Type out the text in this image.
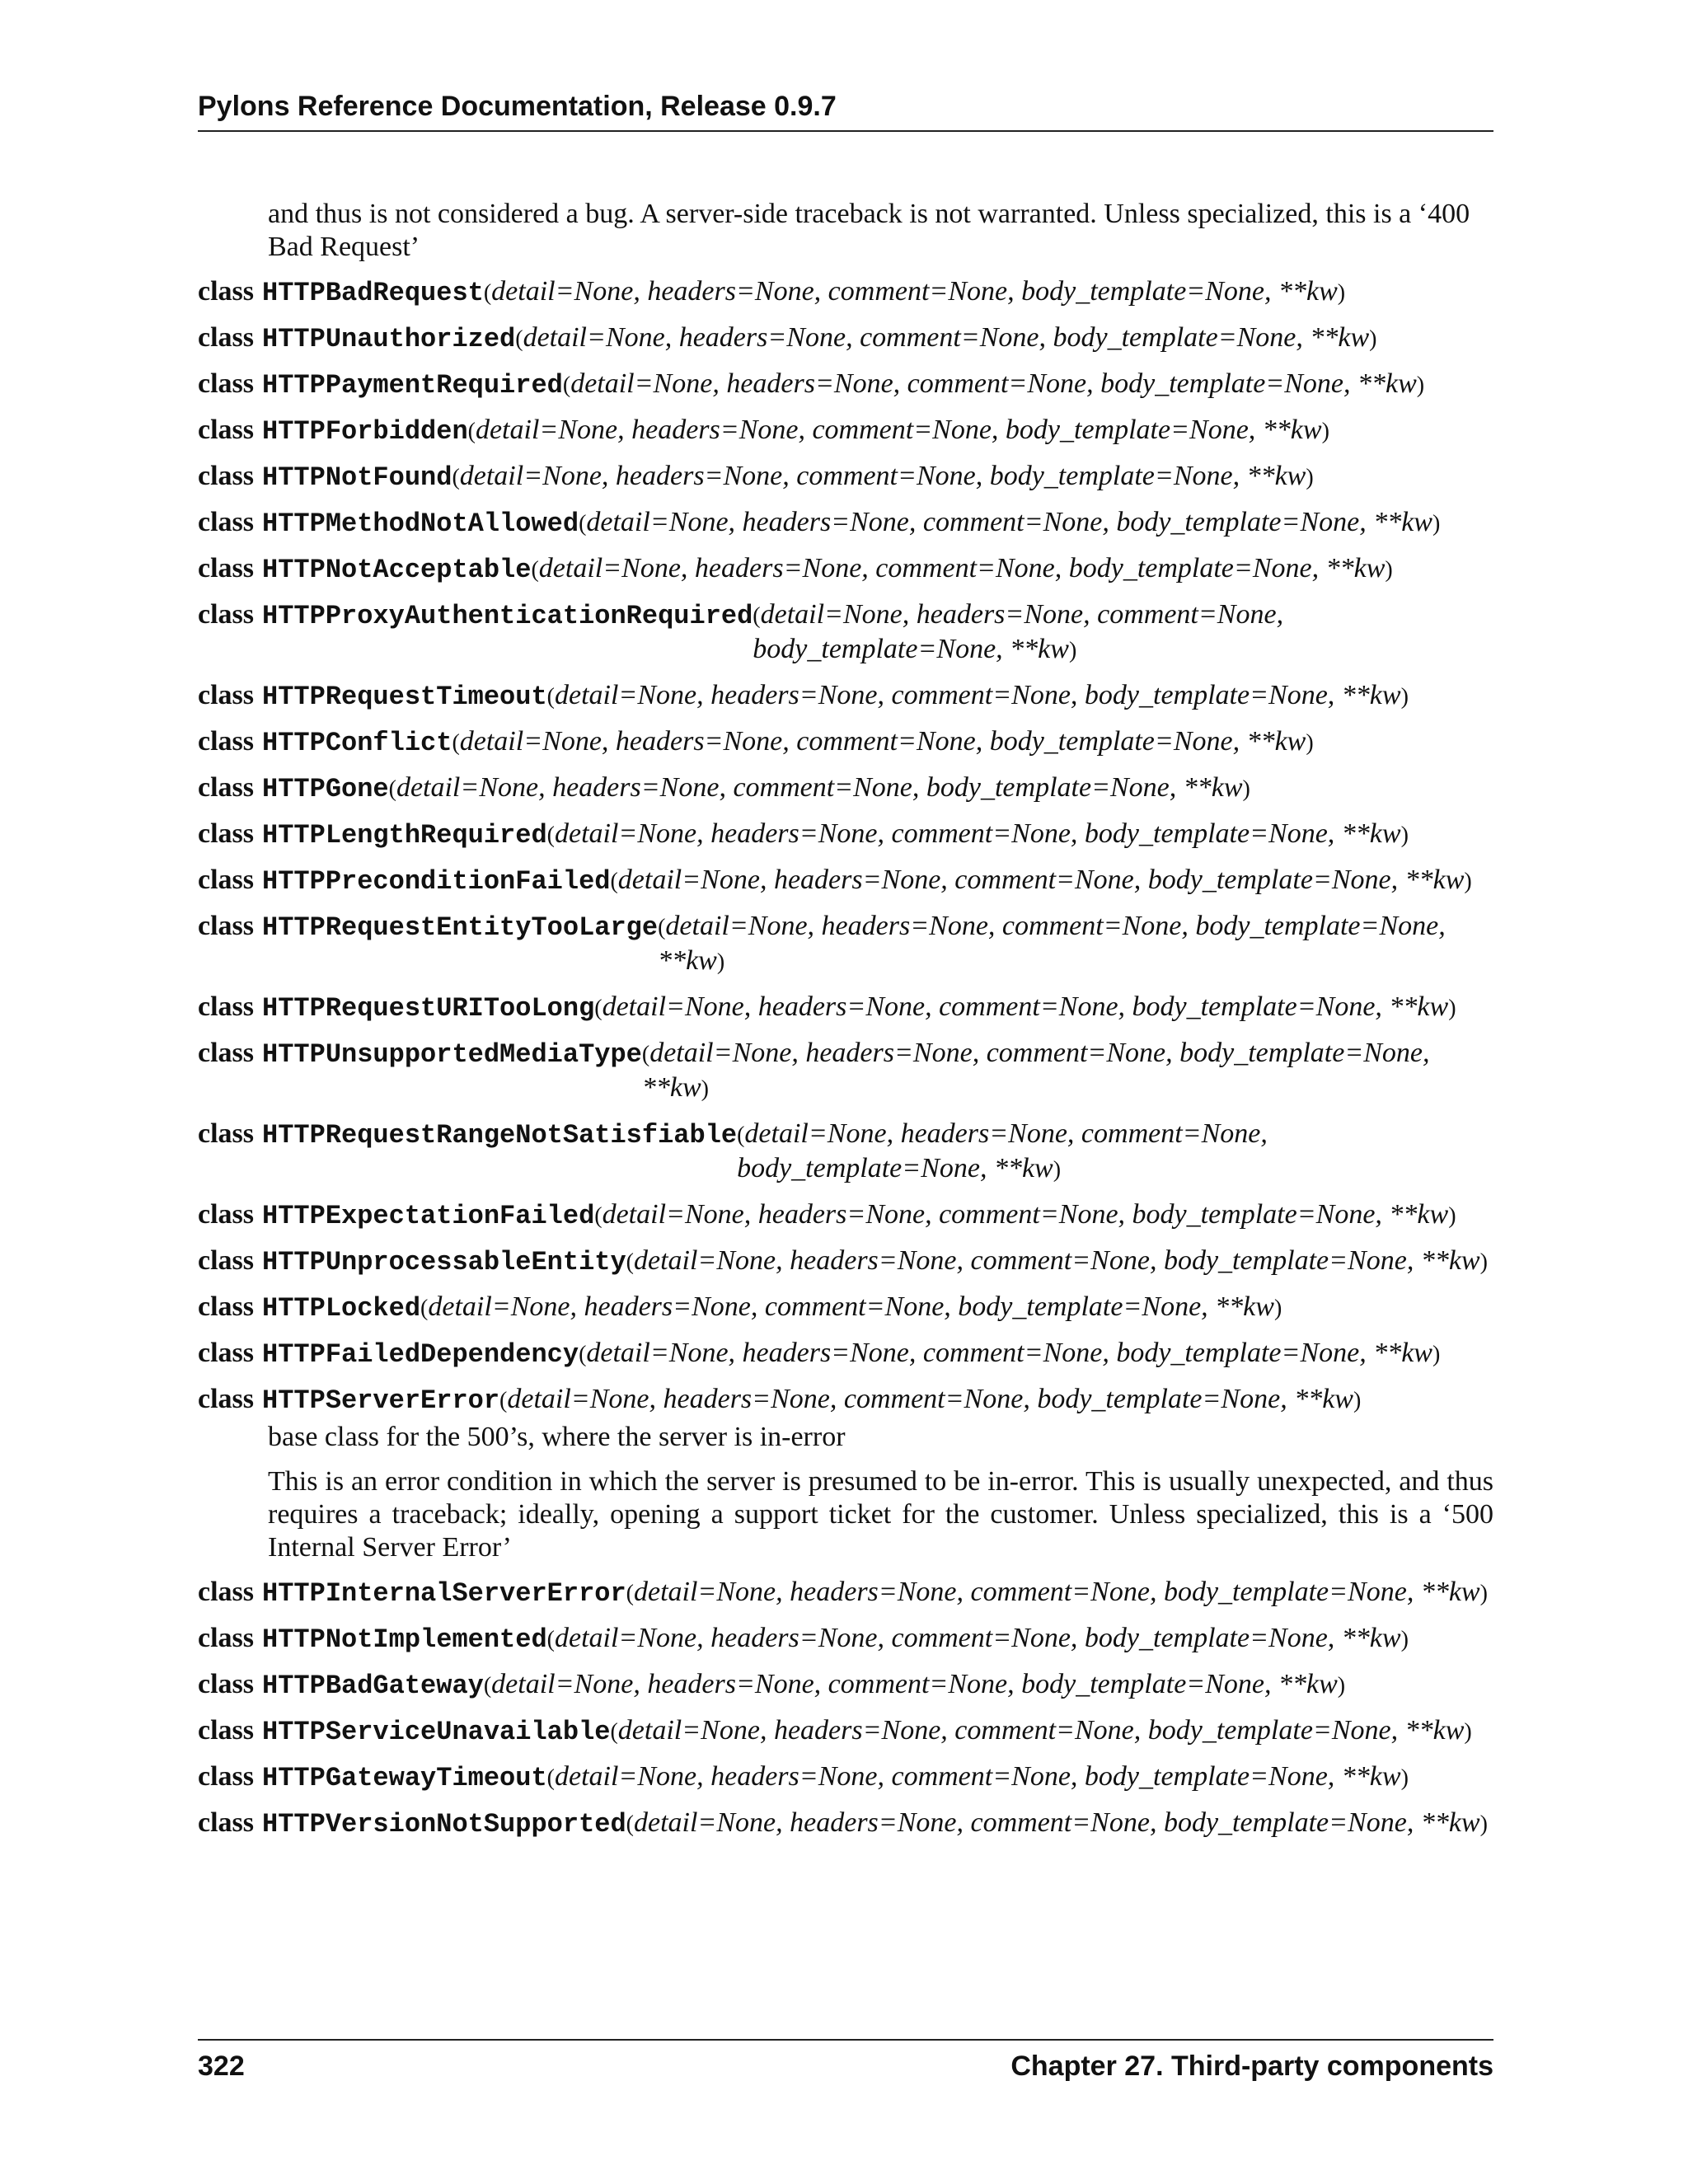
Pylons Reference Documentation, Release 0.9.7
and thus is not considered a bug. A server-side traceback is not warranted. Unless specialized, this is a ‘400 Bad Request’
class HTTPBadRequest (detail=None, headers=None, comment=None, body_template=None, **kw)
class HTTPUnauthorized (detail=None, headers=None, comment=None, body_template=None, **kw)
class HTTPPaymentRequired (detail=None, headers=None, comment=None, body_template=None, **kw)
class HTTPForbidden (detail=None, headers=None, comment=None, body_template=None, **kw)
class HTTPNotFound (detail=None, headers=None, comment=None, body_template=None, **kw)
class HTTPMethodNotAllowed (detail=None, headers=None, comment=None, body_template=None, **kw)
class HTTPNotAcceptable (detail=None, headers=None, comment=None, body_template=None, **kw)
class HTTPProxyAuthenticationRequired (detail=None, headers=None, comment=None, body_template=None, **kw)
class HTTPRequestTimeout (detail=None, headers=None, comment=None, body_template=None, **kw)
class HTTPConflict (detail=None, headers=None, comment=None, body_template=None, **kw)
class HTTPGone (detail=None, headers=None, comment=None, body_template=None, **kw)
class HTTPLengthRequired (detail=None, headers=None, comment=None, body_template=None, **kw)
class HTTPPreconditionFailed (detail=None, headers=None, comment=None, body_template=None, **kw)
class HTTPRequestEntityTooLarge (detail=None, headers=None, comment=None, body_template=None, **kw)
class HTTPRequestURITooLong (detail=None, headers=None, comment=None, body_template=None, **kw)
class HTTPUnsupportedMediaType (detail=None, headers=None, comment=None, body_template=None, **kw)
class HTTPRequestRangeNotSatisfiable (detail=None, headers=None, comment=None, body_template=None, **kw)
class HTTPExpectationFailed (detail=None, headers=None, comment=None, body_template=None, **kw)
class HTTPUnprocessableEntity (detail=None, headers=None, comment=None, body_template=None, **kw)
class HTTPLocked (detail=None, headers=None, comment=None, body_template=None, **kw)
class HTTPFailedDependency (detail=None, headers=None, comment=None, body_template=None, **kw)
class HTTPServerError (detail=None, headers=None, comment=None, body_template=None, **kw)

base class for the 500’s, where the server is in-error

This is an error condition in which the server is presumed to be in-error. This is usually unexpected, and thus requires a traceback; ideally, opening a support ticket for the customer. Unless specialized, this is a ‘500 Internal Server Error’

class HTTPInternalServerError (detail=None, headers=None, comment=None, body_template=None, **kw)
class HTTPNotImplemented (detail=None, headers=None, comment=None, body_template=None, **kw)
class HTTPBadGateway (detail=None, headers=None, comment=None, body_template=None, **kw)
class HTTPServiceUnavailable (detail=None, headers=None, comment=None, body_template=None, **kw)
class HTTPGatewayTimeout (detail=None, headers=None, comment=None, body_template=None, **kw)
class HTTPVersionNotSupported (detail=None, headers=None, comment=None, body_template=None, **kw)
322	Chapter 27. Third-party components
